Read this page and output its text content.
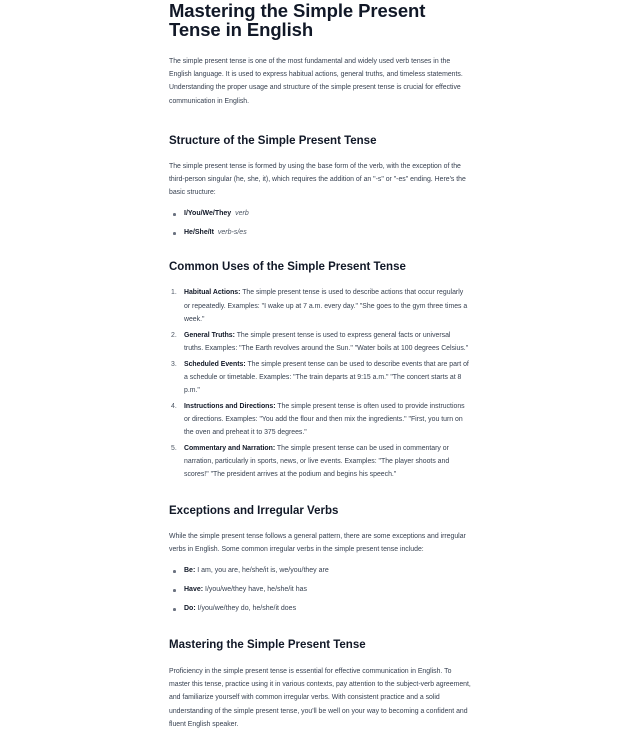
Mastering the Simple Present Tense in English

The simple present tense is one of the most fundamental and widely used verb tenses in the English language. It is used to express habitual actions, general truths, and timeless statements. Understanding the proper usage and structure of the simple present tense is crucial for effective communication in English.

Structure of the Simple Present Tense

The simple present tense is formed by using the base form of the verb, with the exception of the third-person singular (he, she, it), which requires the addition of an "-s" or "-es" ending. Here's the basic structure:

I/You/We/They verb
He/She/It verb-s/es
Common Uses of the Simple Present Tense
1. Habitual Actions: The simple present tense is used to describe actions that occur regularly or repeatedly. Examples: "I wake up at 7 a.m. every day." "She goes to the gym three times a week."
2. General Truths: The simple present tense is used to express general facts or universal truths. Examples: "The Earth revolves around the Sun." "Water boils at 100 degrees Celsius."
3. Scheduled Events: The simple present tense can be used to describe events that are part of a schedule or timetable. Examples: "The train departs at 9:15 a.m." "The concert starts at 8 p.m."
4. Instructions and Directions: The simple present tense is often used to provide instructions or directions. Examples: "You add the flour and then mix the ingredients." "First, you turn on the oven and preheat it to 375 degrees."
5. Commentary and Narration: The simple present tense can be used in commentary or narration, particularly in sports, news, or live events. Examples: "The player shoots and scores!" "The president arrives at the podium and begins his speech."
Exceptions and Irregular Verbs

While the simple present tense follows a general pattern, there are some exceptions and irregular verbs in English. Some common irregular verbs in the simple present tense include:

Be: I am, you are, he/she/it is, we/you/they are
Have: I/you/we/they have, he/she/it has
Do: I/you/we/they do, he/she/it does
Mastering the Simple Present Tense

Proficiency in the simple present tense is essential for effective communication in English. To master this tense, practice using it in various contexts, pay attention to the subject-verb agreement, and familiarize yourself with common irregular verbs. With consistent practice and a solid understanding of the simple present tense, you'll be well on your way to becoming a confident and fluent English speaker.
